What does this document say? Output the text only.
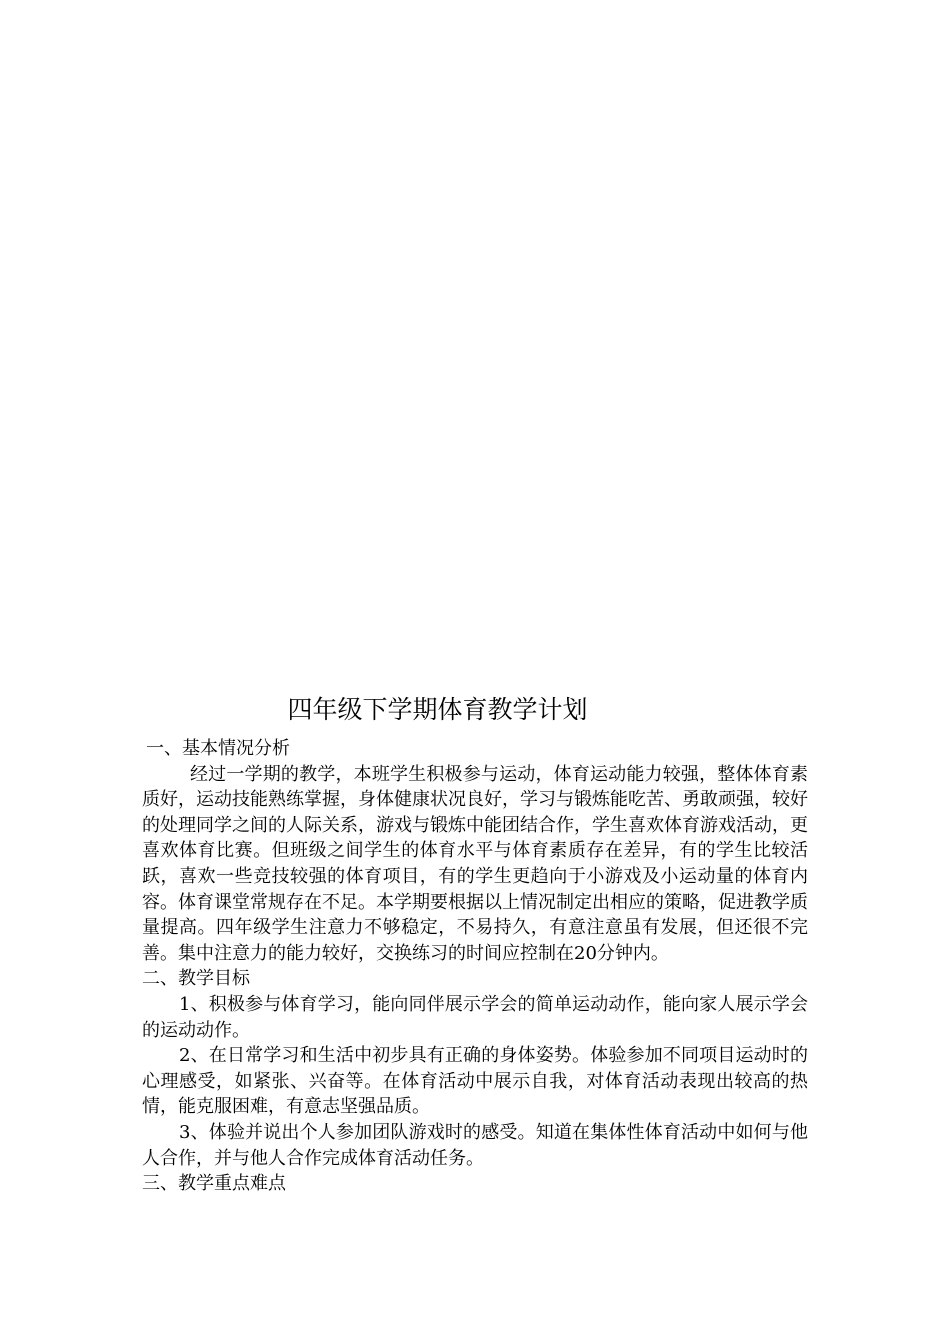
四年级下学期体育教学计划
一、基本情况分析

经过一学期的教学，本班学生积极参与运动，体育运动能力较强，整体体育素质好，运动技能熟练掌握，身体健康状况良好，学习与锻炼能吃苦、勇敢顽强，较好的处理同学之间的人际关系，游戏与锻炼中能团结合作，学生喜欢体育游戏活动，更喜欢体育比赛。但班级之间学生的体育水平与体育素质存在差异，有的学生比较活跃，喜欢一些竞技较强的体育项目，有的学生更趋向于小游戏及小运动量的体育内容。体育课堂常规存在不足。本学期要根据以上情况制定出相应的策略，促进教学质量提高。四年级学生注意力不够稳定，不易持久，有意注意虽有发展，但还很不完善。集中注意力的能力较好，交换练习的时间应控制在20分钟内。

二、教学目标

1、积极参与体育学习，能向同伴展示学会的简单运动动作，能向家人展示学会的运动动作。

2、在日常学习和生活中初步具有正确的身体姿势。体验参加不同项目运动时的心理感受，如紧张、兴奋等。在体育活动中展示自我，对体育活动表现出较高的热情，能克服困难，有意志坚强品质。

3、体验并说出个人参加团队游戏时的感受。知道在集体性体育活动中如何与他人合作，并与他人合作完成体育活动任务。

三、教学重点难点
